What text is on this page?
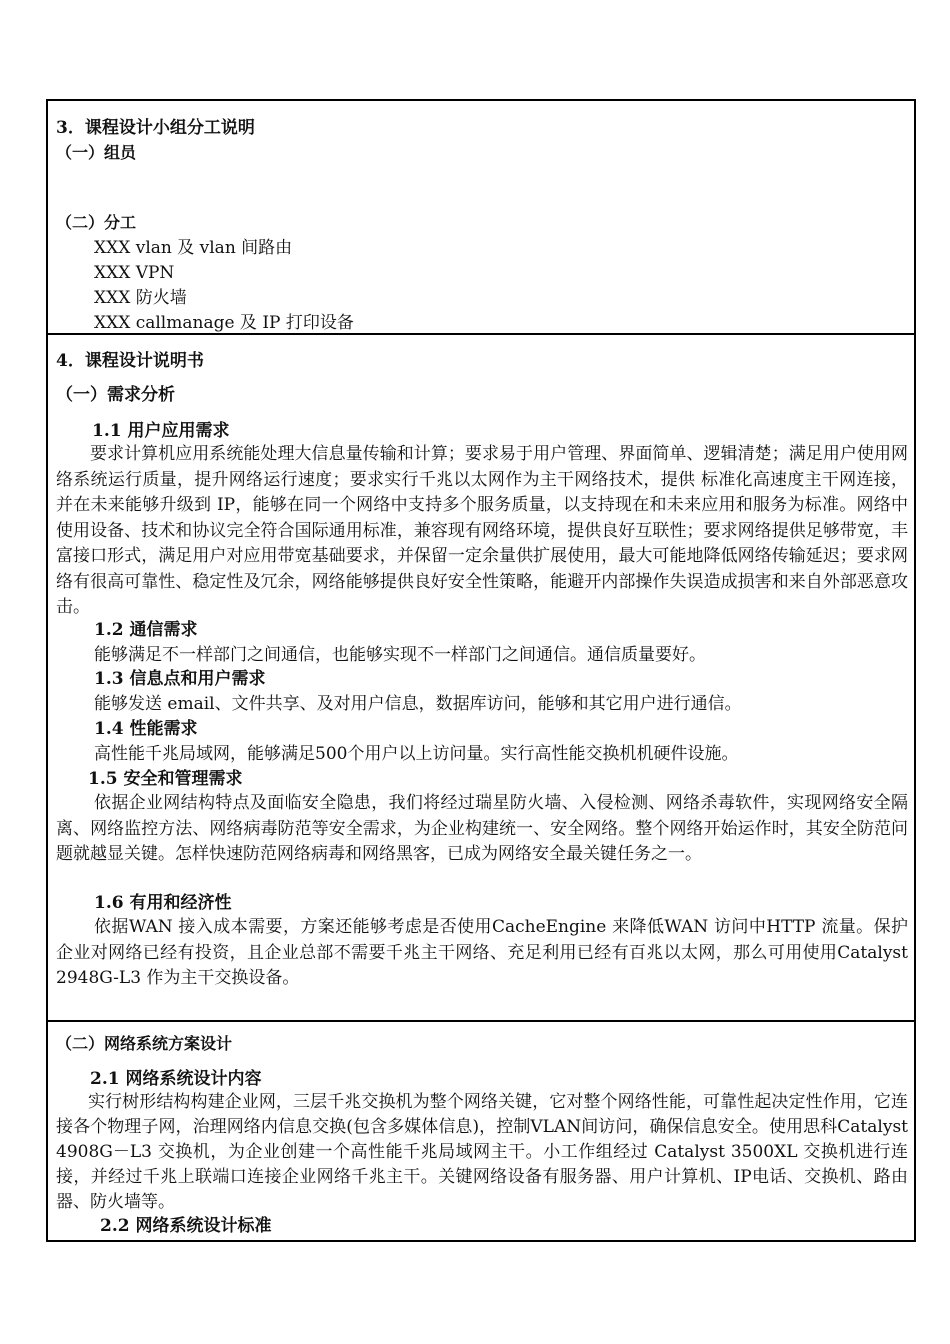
3．课程设计小组分工说明
（一）组员
（二）分工
XXX vlan 及 vlan 间路由
XXX VPN
XXX 防火墙
XXX callmanage 及 IP 打印设备
4．课程设计说明书
（一）需求分析
1.1 用户应用需求
要求计算机应用系统能处理大信息量传输和计算；要求易于用户管理、界面简单、逻辑清楚；满足用户使用网络系统运行质量，提升网络运行速度；要求实行千兆以太网作为主干网络技术，提供 标准化高速度主干网连接，并在未来能够升级到 IP，能够在同一个网络中支持多个服务质量，以支持现在和未来应用和服务为标准。网络中使用设备、技术和协议完全符合国际通用标准，兼容现有网络环境，提供良好互联性；要求网络提供足够带宽，丰富接口形式，满足用户对应用带宽基础要求，并保留一定余量供扩展使用，最大可能地降低网络传输延迟；要求网络有很高可靠性、稳定性及冗余，网络能够提供良好安全性策略，能避开内部操作失误造成损害和来自外部恶意攻击。
1.2 通信需求
能够满足不一样部门之间通信，也能够实现不一样部门之间通信。通信质量要好。
1.3 信息点和用户需求
能够发送 email、文件共享、及对用户信息，数据库访问，能够和其它用户进行通信。
1.4 性能需求
高性能千兆局域网，能够满足500个用户以上访问量。实行高性能交换机机硬件设施。
1.5 安全和管理需求
依据企业网结构特点及面临安全隐患，我们将经过瑞星防火墙、入侵检测、网络杀毒软件，实现网络安全隔离、网络监控方法、网络病毒防范等安全需求，为企业构建统一、安全网络。整个网络开始运作时，其安全防范问题就越显关键。怎样快速防范网络病毒和网络黑客，已成为网络安全最关键任务之一。
1.6 有用和经济性
依据WAN 接入成本需要，方案还能够考虑是否使用CacheEngine 来降低WAN 访问中HTTP 流量。保护企业对网络已经有投资，且企业总部不需要千兆主干网络、充足利用已经有百兆以太网，那么可用使用Catalyst 2948G-L3 作为主干交换设备。
（二）网络系统方案设计
2.1 网络系统设计内容
实行树形结构构建企业网，三层千兆交换机为整个网络关键，它对整个网络性能，可靠性起决定性作用，它连接各个物理子网，治理网络内信息交换(包含多媒体信息)，控制VLAN间访问，确保信息安全。使用思科Catalyst 4908G－L3 交换机，为企业创建一个高性能千兆局域网主干。小工作组经过 Catalyst 3500XL 交换机进行连接，并经过千兆上联端口连接企业网络千兆主干。关键网络设备有服务器、用户计算机、IP电话、交换机、路由器、防火墙等。
2.2 网络系统设计标准
